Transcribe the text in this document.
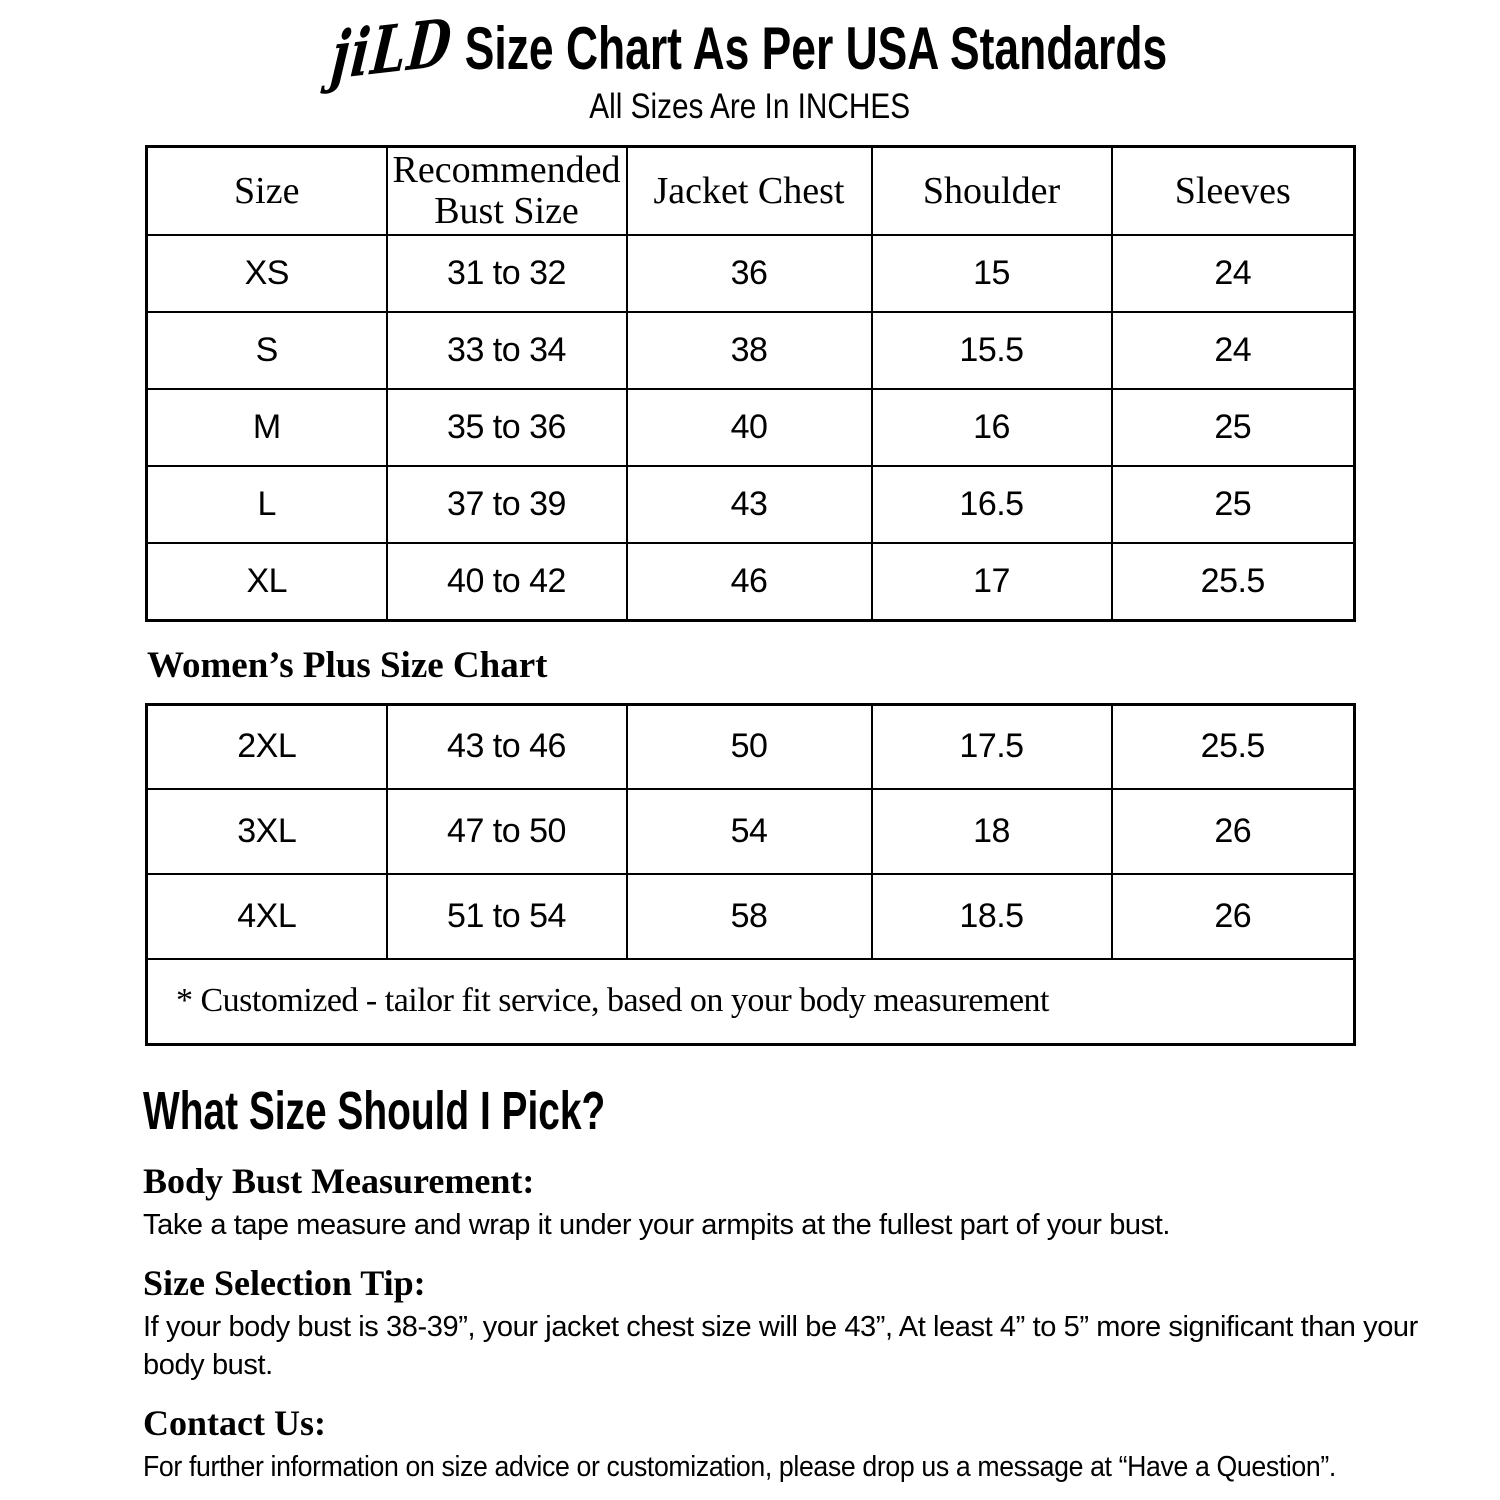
jiLD Size Chart As Per USA Standards
All Sizes Are In INCHES
Size	Recommended Bust Size	Jacket Chest	Shoulder	Sleeves
XS	31 to 32	36	15	24
S	33 to 34	38	15.5	24
M	35 to 36	40	16	25
L	37 to 39	43	16.5	25
XL	40 to 42	46	17	25.5
Women’s Plus Size Chart
2XL	43 to 46	50	17.5	25.5
3XL	47 to 50	54	18	26
4XL	51 to 54	58	18.5	26
* Customized - tailor fit service, based on your body measurement				
What Size Should I Pick?
Body Bust Measurement:
Take a tape measure and wrap it under your armpits at the fullest part of your bust.
Size Selection Tip:
If your body bust is 38-39”, your jacket chest size will be 43”, At least 4” to 5” more significant than your body bust.
Contact Us:
For further information on size advice or customization, please drop us a message at “Have a Question”.
